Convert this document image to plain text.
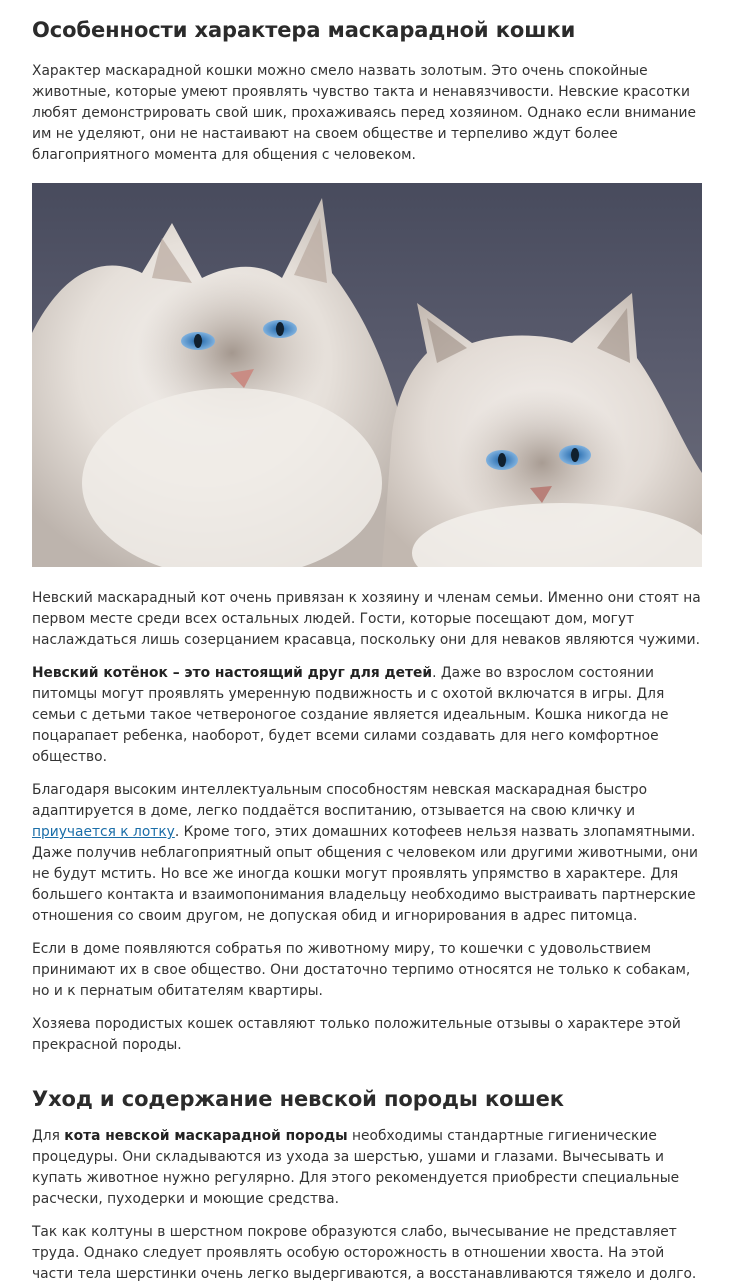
Особенности характера маскарадной кошки

Характер маскарадной кошки можно смело назвать золотым. Это очень спокойные животные, которые умеют проявлять чувство такта и ненавязчивости. Невские красотки любят демонстрировать свой шик, прохаживаясь перед хозяином. Однако если внимание им не уделяют, они не настаивают на своем обществе и терпеливо ждут более благоприятного момента для общения с человеком.

Невский маскарадный кот очень привязан к хозяину и членам семьи. Именно они стоят на первом месте среди всех остальных людей. Гости, которые посещают дом, могут наслаждаться лишь созерцанием красавца, поскольку они для неваков являются чужими.

Невский котёнок – это настоящий друг для детей. Даже во взрослом состоянии питомцы могут проявлять умеренную подвижность и с охотой включатся в игры. Для семьи с детьми такое четвероногое создание является идеальным. Кошка никогда не поцарапает ребенка, наоборот, будет всеми силами создавать для него комфортное общество.

Благодаря высоким интеллектуальным способностям невская маскарадная быстро адаптируется в доме, легко поддаётся воспитанию, отзывается на свою кличку и приучается к лотку. Кроме того, этих домашних котофеев нельзя назвать злопамятными. Даже получив неблагоприятный опыт общения с человеком или другими животными, они не будут мстить. Но все же иногда кошки могут проявлять упрямство в характере. Для большего контакта и взаимопонимания владельцу необходимо выстраивать партнерские отношения со своим другом, не допуская обид и игнорирования в адрес питомца.

Если в доме появляются собратья по животному миру, то кошечки с удовольствием принимают их в свое общество. Они достаточно терпимо относятся не только к собакам, но и к пернатым обитателям квартиры.

Хозяева породистых кошек оставляют только положительные отзывы о характере этой прекрасной породы.

Уход и содержание невской породы кошек

Для кота невской маскарадной породы необходимы стандартные гигиенические процедуры. Они складываются из ухода за шерстью, ушами и глазами. Вычесывать и купать животное нужно регулярно. Для этого рекомендуется приобрести специальные расчески, пуходерки и моющие средства.

Так как колтуны в шерстном покрове образуются слабо, вычесывание не представляет труда. Однако следует проявлять особую осторожность в отношении хвоста. На этой части тела шерстинки очень легко выдергиваются, а восстанавливаются тяжело и долго.
